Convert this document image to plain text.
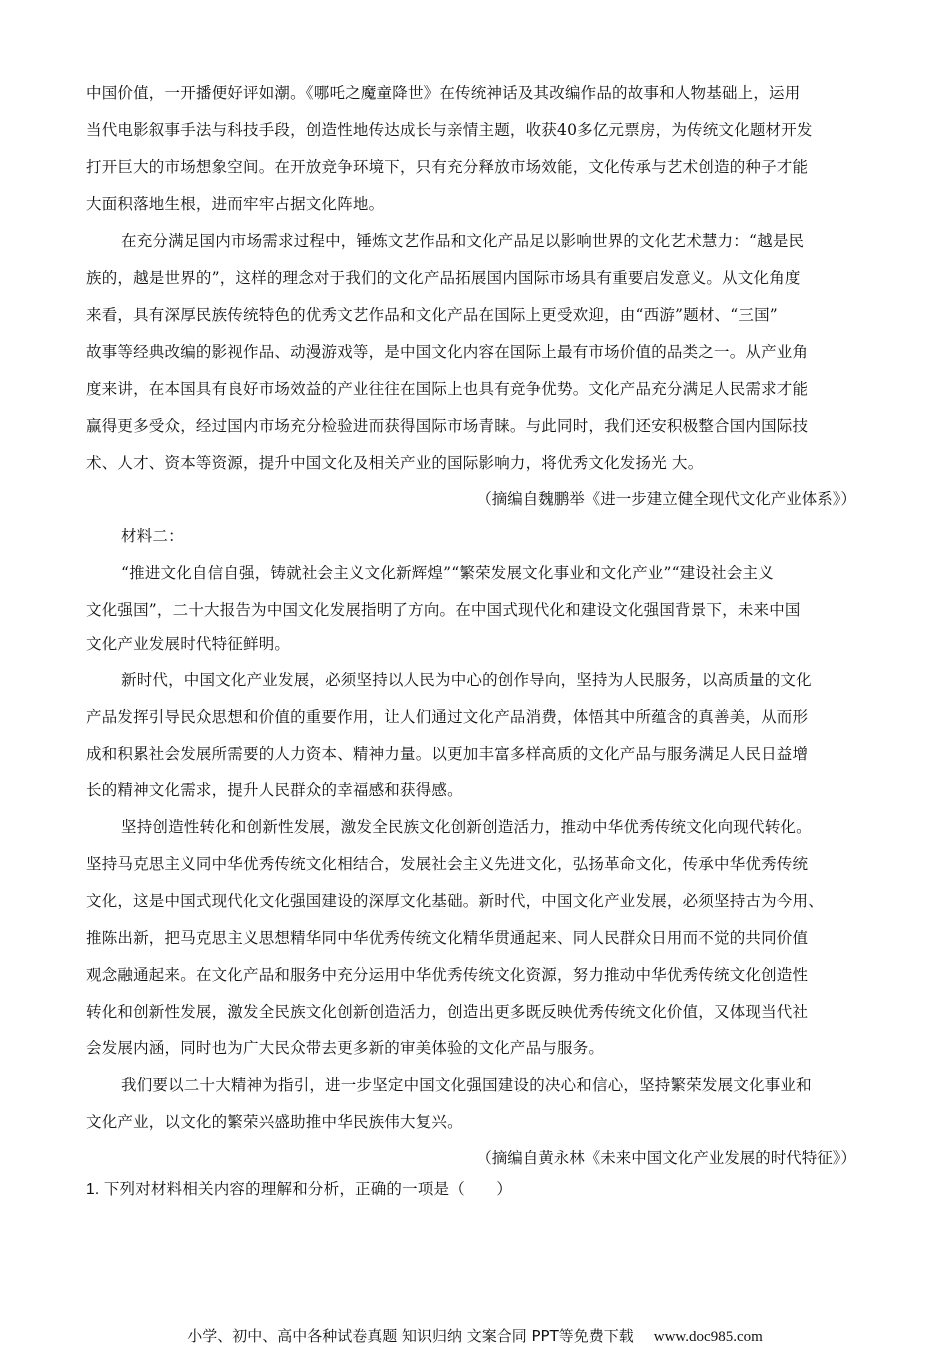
中国价值，一开播便好评如潮。《哪吒之魔童降世》在传统神话及其改编作品的故事和人物基础上，运用
当代电影叙事手法与科技手段，创造性地传达成长与亲情主题，收获40多亿元票房，为传统文化题材开发
打开巨大的市场想象空间。在开放竞争环境下，只有充分释放市场效能，文化传承与艺术创造的种子才能
大面积落地生根，进而牢牢占据文化阵地。
在充分满足国内市场需求过程中，锤炼文艺作品和文化产品足以影响世界的文化艺术慧力：“越是民
族的，越是世界的”，这样的理念对于我们的文化产品拓展国内国际市场具有重要启发意义。从文化角度
来看，具有深厚民族传统特色的优秀文艺作品和文化产品在国际上更受欢迎，由“西游”题材、“三国”
故事等经典改编的影视作品、动漫游戏等，是中国文化内容在国际上最有市场价值的品类之一。从产业角
度来讲，在本国具有良好市场效益的产业往往在国际上也具有竞争优势。文化产品充分满足人民需求才能
赢得更多受众，经过国内市场充分检验进而获得国际市场青睐。与此同时，我们还安积极整合国内国际技
术、人才、资本等资源，提升中国文化及相关产业的国际影响力，将优秀文化发扬光 大。
（摘编自魏鹏举《进一步建立健全现代文化产业体系》）
材料二：
“推进文化自信自强，铸就社会主义文化新辉煌”“繁荣发展文化事业和文化产业”“建设社会主义
文化强国”，二十大报告为中国文化发展指明了方向。在中国式现代化和建设文化强国背景下，未来中国
文化产业发展时代特征鲜明。
新时代，中国文化产业发展，必须坚持以人民为中心的创作导向，坚持为人民服务，以高质量的文化
产品发挥引导民众思想和价值的重要作用，让人们通过文化产品消费，体悟其中所蕴含的真善美，从而形
成和积累社会发展所需要的人力资本、精神力量。以更加丰富多样高质的文化产品与服务满足人民日益增
长的精神文化需求，提升人民群众的幸福感和获得感。
坚持创造性转化和创新性发展，激发全民族文化创新创造活力，推动中华优秀传统文化向现代转化。
坚持马克思主义同中华优秀传统文化相结合，发展社会主义先进文化，弘扬革命文化，传承中华优秀传统
文化，这是中国式现代化文化强国建设的深厚文化基础。新时代，中国文化产业发展，必须坚持古为今用、
推陈出新，把马克思主义思想精华同中华优秀传统文化精华贯通起来、同人民群众日用而不觉的共同价值
观念融通起来。在文化产品和服务中充分运用中华优秀传统文化资源，努力推动中华优秀传统文化创造性
转化和创新性发展，激发全民族文化创新创造活力，创造出更多既反映优秀传统文化价值，又体现当代社
会发展内涵，同时也为广大民众带去更多新的审美体验的文化产品与服务。
我们要以二十大精神为指引，进一步坚定中国文化强国建设的决心和信心，坚持繁荣发展文化事业和
文化产业，以文化的繁荣兴盛助推中华民族伟大复兴。
（摘编自黄永林《未来中国文化产业发展的时代特征》）
1. 下列对材料相关内容的理解和分析，正确的一项是（　　）
小学、初中、高中各种试卷真题 知识归纳 文案合同 PPT等免费下载 www.doc985.com
